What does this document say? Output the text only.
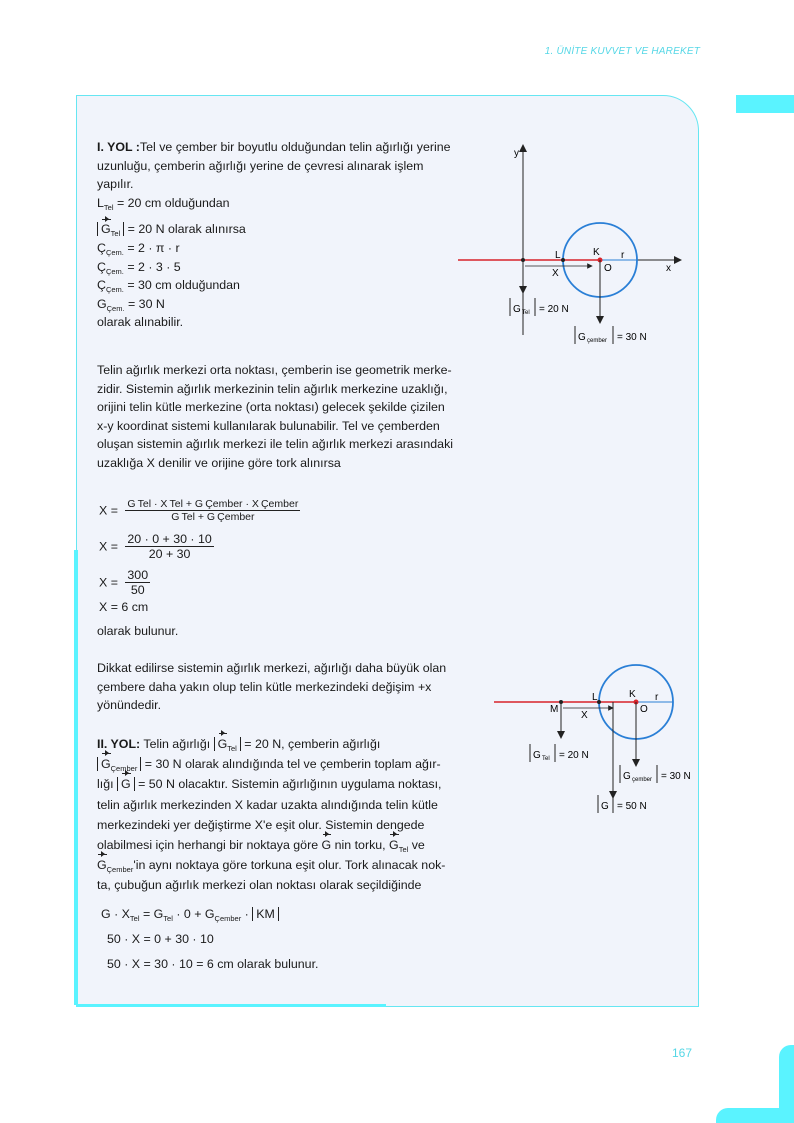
1. ÜNİTE KUVVET VE HAREKET
167

I. YOL :Tel ve çember bir boyutlu olduğundan telin ağırlığı yerine

uzunluğu, çemberin ağırlığı yerine de çevresi alınarak işlem

yapılır.

$L_{Tel} = 20$ cm olduğundan

$G_{Tel} = 20$ N olarak alınırsa

$Ç_{Çem.} = 2 \cdot \pi \cdot r$

$Ç_{Çem.} = 2 \cdot 3 \cdot 5$

$Ç_{Çem.} = 30$ cm olduğundan

$G_{Çem.} = 30$ N

olarak alınabilir.

Telin ağırlık merkezi orta noktası, çemberin ise geometrik merke-

zidir. Sistemin ağırlık merkezinin telin ağırlık merkezine uzaklığı,

orijini telin kütle merkezine (orta noktası) gelecek şekilde çizilen

x-y koordinat sistemi kullanılarak bulunabilir. Tel ve çemberden

oluşan sistemin ağırlık merkezi ile telin ağırlık merkezi arasındaki

uzaklığa X denilir ve orijine göre tork alınırsa

$X = \frac{\text{G Tel · X Tel + G Çember · X Çember}}{\text{G Tel + G Çember}}$
$X = \frac{20 \cdot 0 + 30 \cdot 10}{20 + 30}$
$X = \frac{300}{50}$
X = 6 cm
olarak bulunur.

Dikkat edilirse sistemin ağırlık merkezi, ağırlığı daha büyük olan

çembere daha yakın olup telin kütle merkezindeki değişim +x

yönündedir.

II. YOL: Telin ağırlığı $G_{Tel} = 20$ N, çemberin ağırlığı

$G_{Çember} = 30$ N olarak alındığında tel ve çemberin toplam ağır-

lığı G = 50 N olacaktır. Sistemin ağırlığının uygulama noktası,

telin ağırlık merkezinden X kadar uzakta alındığında telin kütle

merkezindeki yer değiştirme X'e eşit olur. Sistemin dengede

olabilmesi için herhangi bir noktaya göre G nin torku, $G_{Tel}$ ve

$G_{Çember}'in$ aynı noktaya göre torkuna eşit olur. Tork alınacak nok-

ta, çubuğun ağırlık merkezi olan noktası olarak seçildiğinde

$G \cdot X_{Tel} = G_{Tel} \cdot 0 + G_{Çember}$ · KM
50 · X = 0 + 30 · 10
50 · X = 30 · 10 = 6 cm olarak bulunur.
y
x
L	K r
O
X
G Tel = 20 N
G çember = 30 N
M
L	K r
O
X
G Tel = 20 N
G çember = 30 N
G = 50 N
